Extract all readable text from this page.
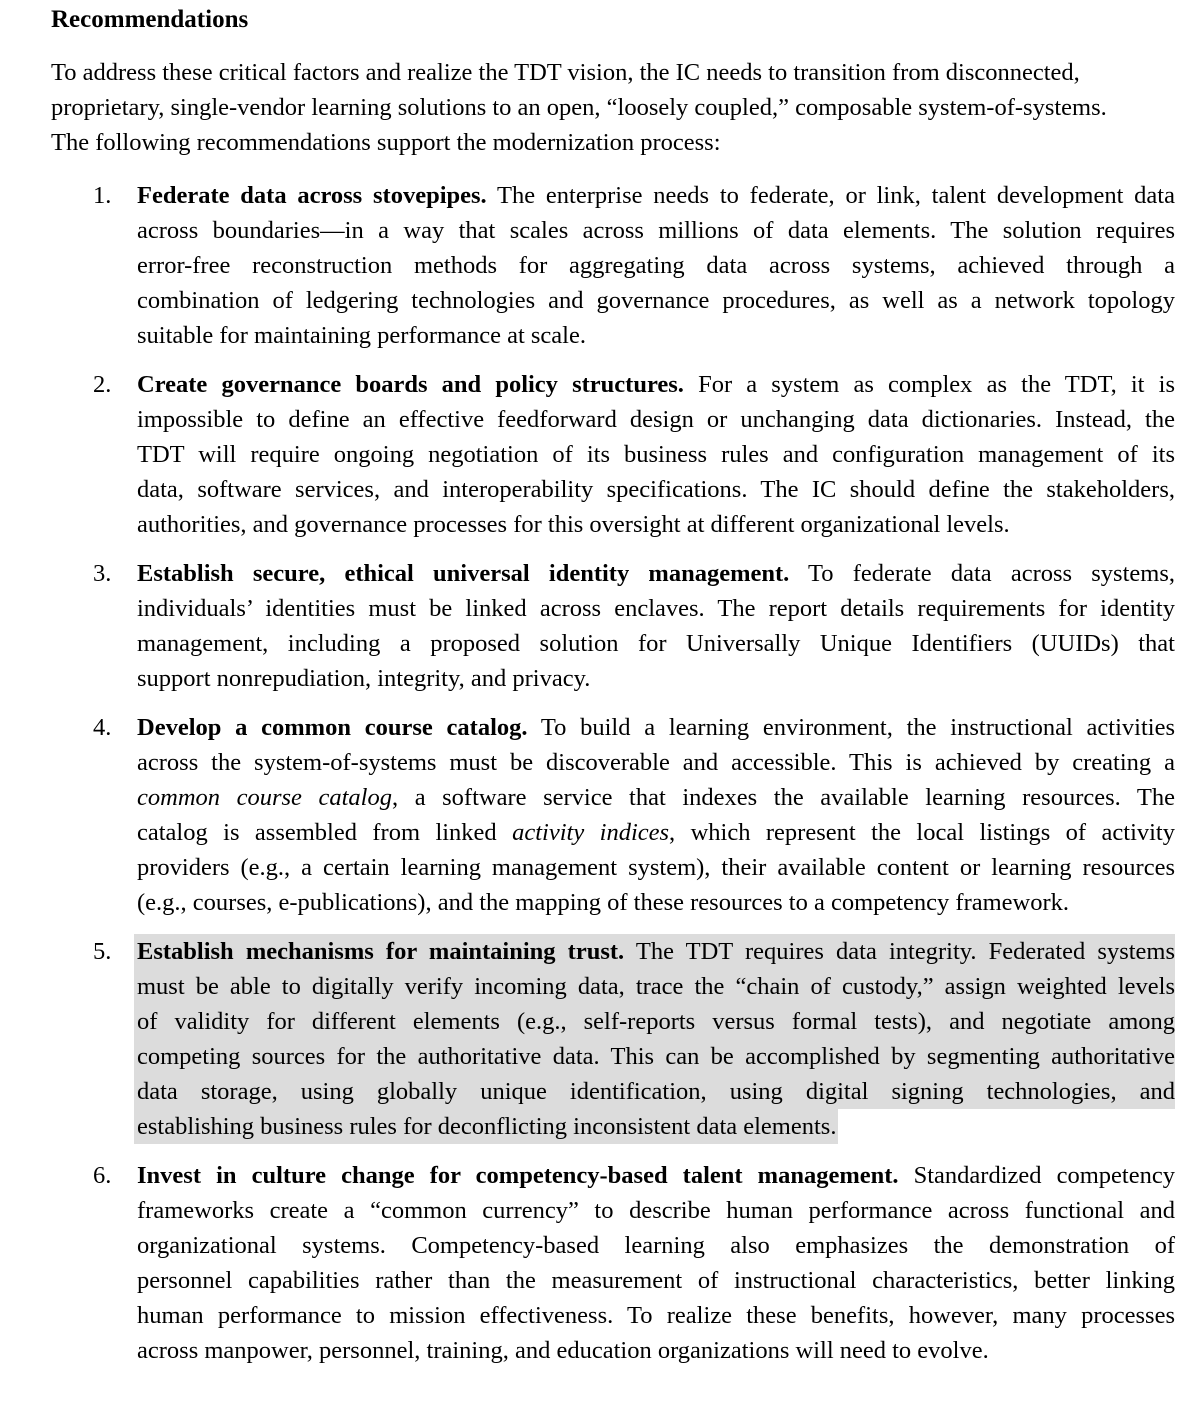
Recommendations

To address these critical factors and realize the TDT vision, the IC needs to transition from disconnected,
proprietary, single-vendor learning solutions to an open, “loosely coupled,” composable system-of-systems.
The following recommendations support the modernization process:

1. Federate data across stovepipes. The enterprise needs to federate, or link, talent development data
across boundaries—in a way that scales across millions of data elements. The solution requires
error-free reconstruction methods for aggregating data across systems, achieved through a
combination of ledgering technologies and governance procedures, as well as a network topology
suitable for maintaining performance at scale.
2. Create governance boards and policy structures. For a system as complex as the TDT, it is
impossible to define an effective feedforward design or unchanging data dictionaries. Instead, the
TDT will require ongoing negotiation of its business rules and configuration management of its
data, software services, and interoperability specifications. The IC should define the stakeholders,
authorities, and governance processes for this oversight at different organizational levels.
3. Establish secure, ethical universal identity management. To federate data across systems,
individuals’ identities must be linked across enclaves. The report details requirements for identity
management, including a proposed solution for Universally Unique Identifiers (UUIDs) that
support nonrepudiation, integrity, and privacy.
4. Develop a common course catalog. To build a learning environment, the instructional activities
across the system-of-systems must be discoverable and accessible. This is achieved by creating a
common course catalog, a software service that indexes the available learning resources. The
catalog is assembled from linked activity indices, which represent the local listings of activity
providers (e.g., a certain learning management system), their available content or learning resources
(e.g., courses, e-publications), and the mapping of these resources to a competency framework.
5. Establish mechanisms for maintaining trust. The TDT requires data integrity. Federated systems
must be able to digitally verify incoming data, trace the “chain of custody,” assign weighted levels
of validity for different elements (e.g., self-reports versus formal tests), and negotiate among
competing sources for the authoritative data. This can be accomplished by segmenting authoritative
data storage, using globally unique identification, using digital signing technologies, and
establishing business rules for deconflicting inconsistent data elements.
6. Invest in culture change for competency-based talent management. Standardized competency
frameworks create a “common currency” to describe human performance across functional and
organizational systems. Competency-based learning also emphasizes the demonstration of
personnel capabilities rather than the measurement of instructional characteristics, better linking
human performance to mission effectiveness. To realize these benefits, however, many processes
across manpower, personnel, training, and education organizations will need to evolve.
